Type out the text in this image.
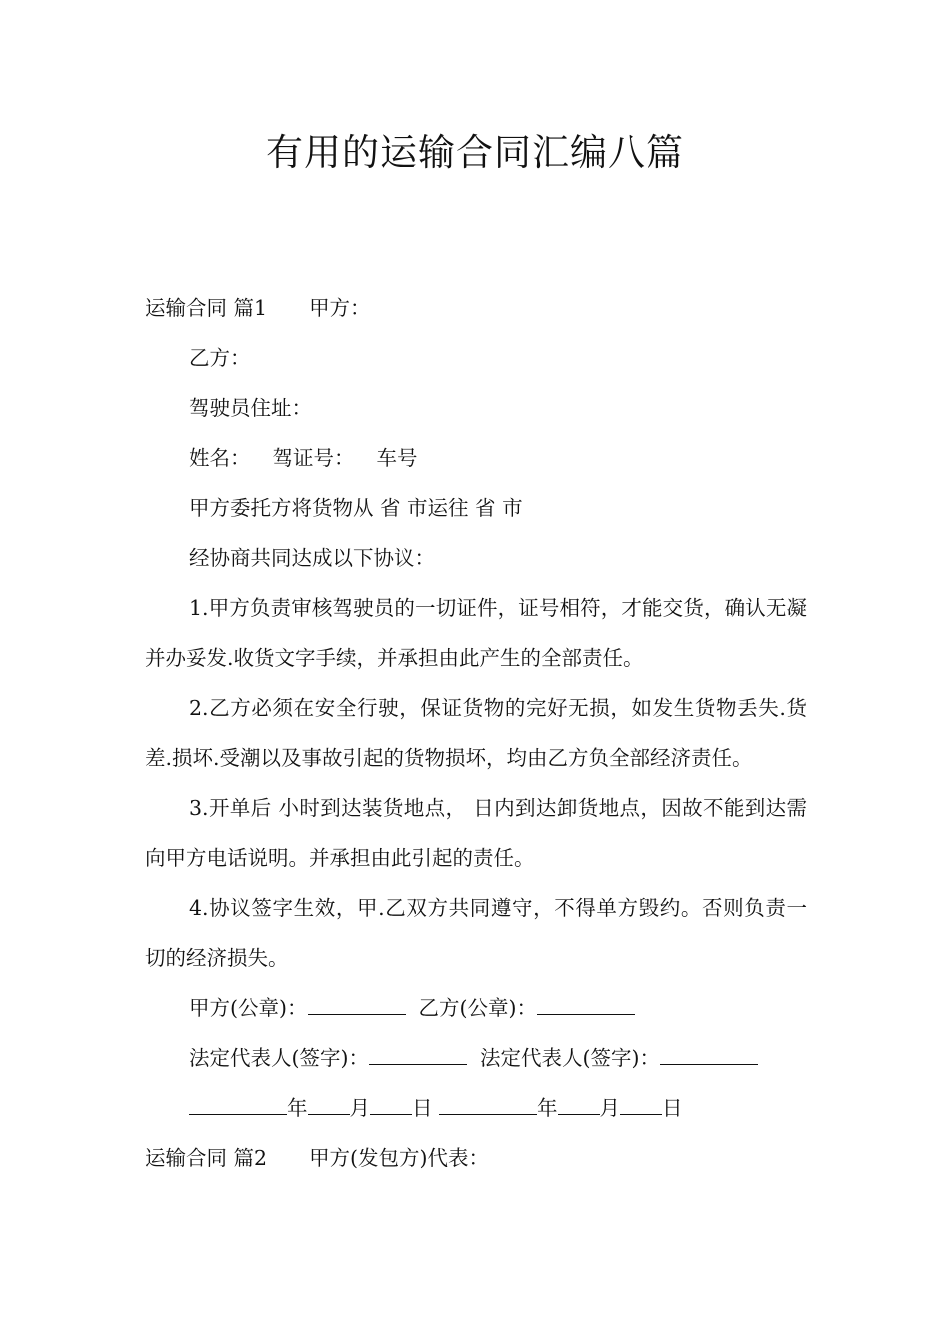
有用的运输合同汇编八篇
运输合同 篇1 甲方：
乙方：
驾驶员住址：
姓名： 驾证号： 车号
甲方委托方将货物从 省 市运往 省 市
经协商共同达成以下协议：
1.甲方负责审核驾驶员的一切证件，证号相符，才能交货，确认无凝并办妥发.收货文字手续，并承担由此产生的全部责任。
2.乙方必须在安全行驶，保证货物的完好无损，如发生货物丢失.货差.损坏.受潮以及事故引起的货物损坏，均由乙方负全部经济责任。
3.开单后 小时到达装货地点， 日内到达卸货地点，因故不能到达需向甲方电话说明。并承担由此引起的责任。
4.协议签字生效，甲.乙双方共同遵守，不得单方毁约。否则负责一切的经济损失。
甲方(公章)：	乙方(公章)：
法定代表人(签字)：	法定代表人(签字)：
年 月 日	年 月 日
运输合同 篇2 甲方(发包方)代表：
